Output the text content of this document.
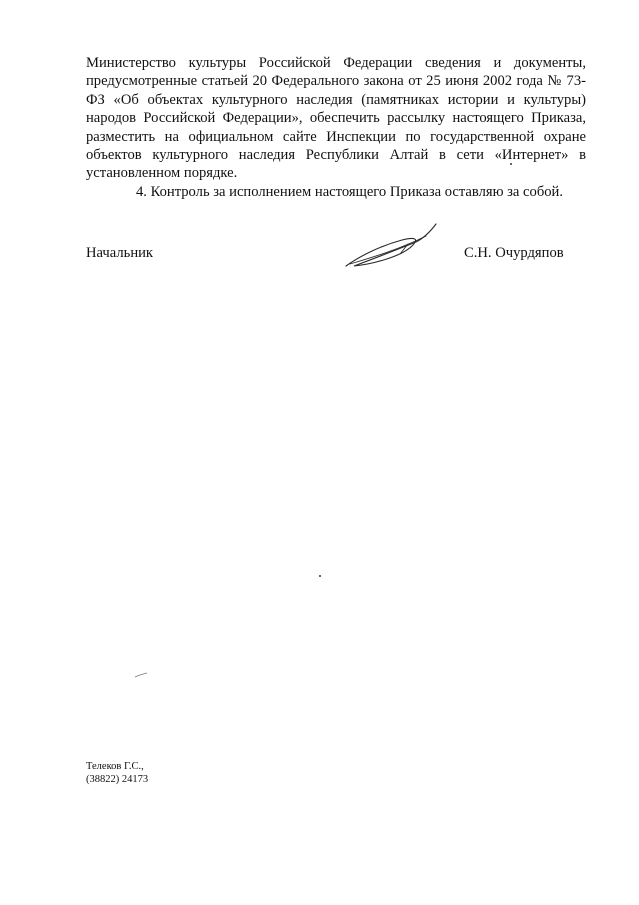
Министерство культуры Российской Федерации сведения и документы, предусмотренные статьей 20 Федерального закона от 25 июня 2002 года № 73-ФЗ «Об объектах культурного наследия (памятниках истории и культуры) народов Российской Федерации», обеспечить рассылку настоящего Приказа, разместить на официальном сайте Инспекции по государственной охране объектов культурного наследия Республики Алтай в сети «Интернет» в установленном порядке.

4. Контроль за исполнением настоящего Приказа оставляю за собой.

Начальник	С.Н. Очурдяпов
Телеков Г.С.,
(38822) 24173
